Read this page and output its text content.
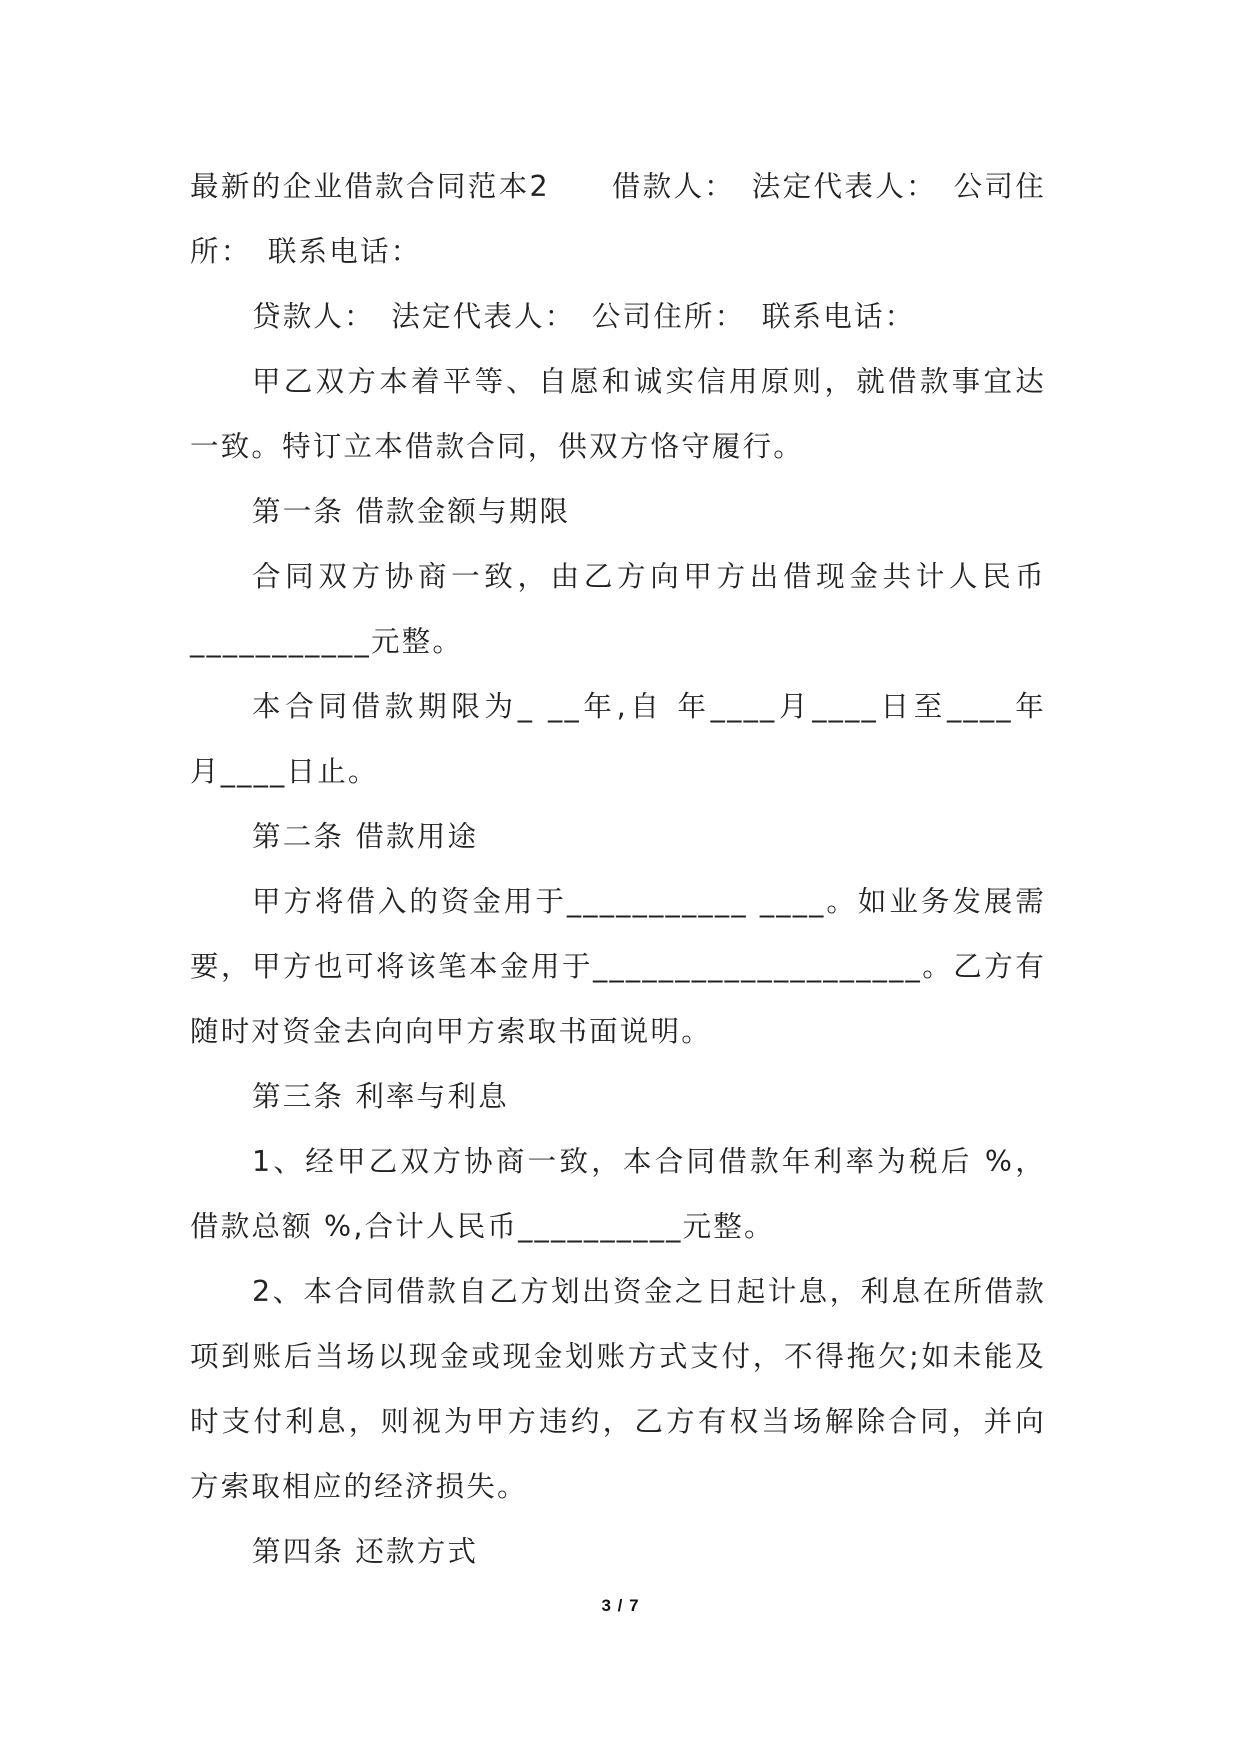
最新的企业借款合同范本2　　借款人：　法定代表人：　公司住
所：　联系电话：
贷款人：　法定代表人：　公司住所：　联系电话：
甲乙双方本着平等、自愿和诚实信用原则，就借款事宜达
一致。特订立本借款合同，供双方恪守履行。
第一条 借款金额与期限
合同双方协商一致，由乙方向甲方出借现金共计人民币
___________元整。
本合同借款期限为_ __年,自 年____月____日至____年
月____日止。
第二条 借款用途
甲方将借入的资金用于___________ ____。如业务发展需
要，甲方也可将该笔本金用于____________________。乙方有
随时对资金去向向甲方索取书面说明。
第三条 利率与利息
1、经甲乙双方协商一致，本合同借款年利率为税后 %，
借款总额 %,合计人民币__________元整。
2、本合同借款自乙方划出资金之日起计息，利息在所借款
项到账后当场以现金或现金划账方式支付，不得拖欠;如未能及
时支付利息，则视为甲方违约，乙方有权当场解除合同，并向
方索取相应的经济损失。
第四条 还款方式
3 / 7
